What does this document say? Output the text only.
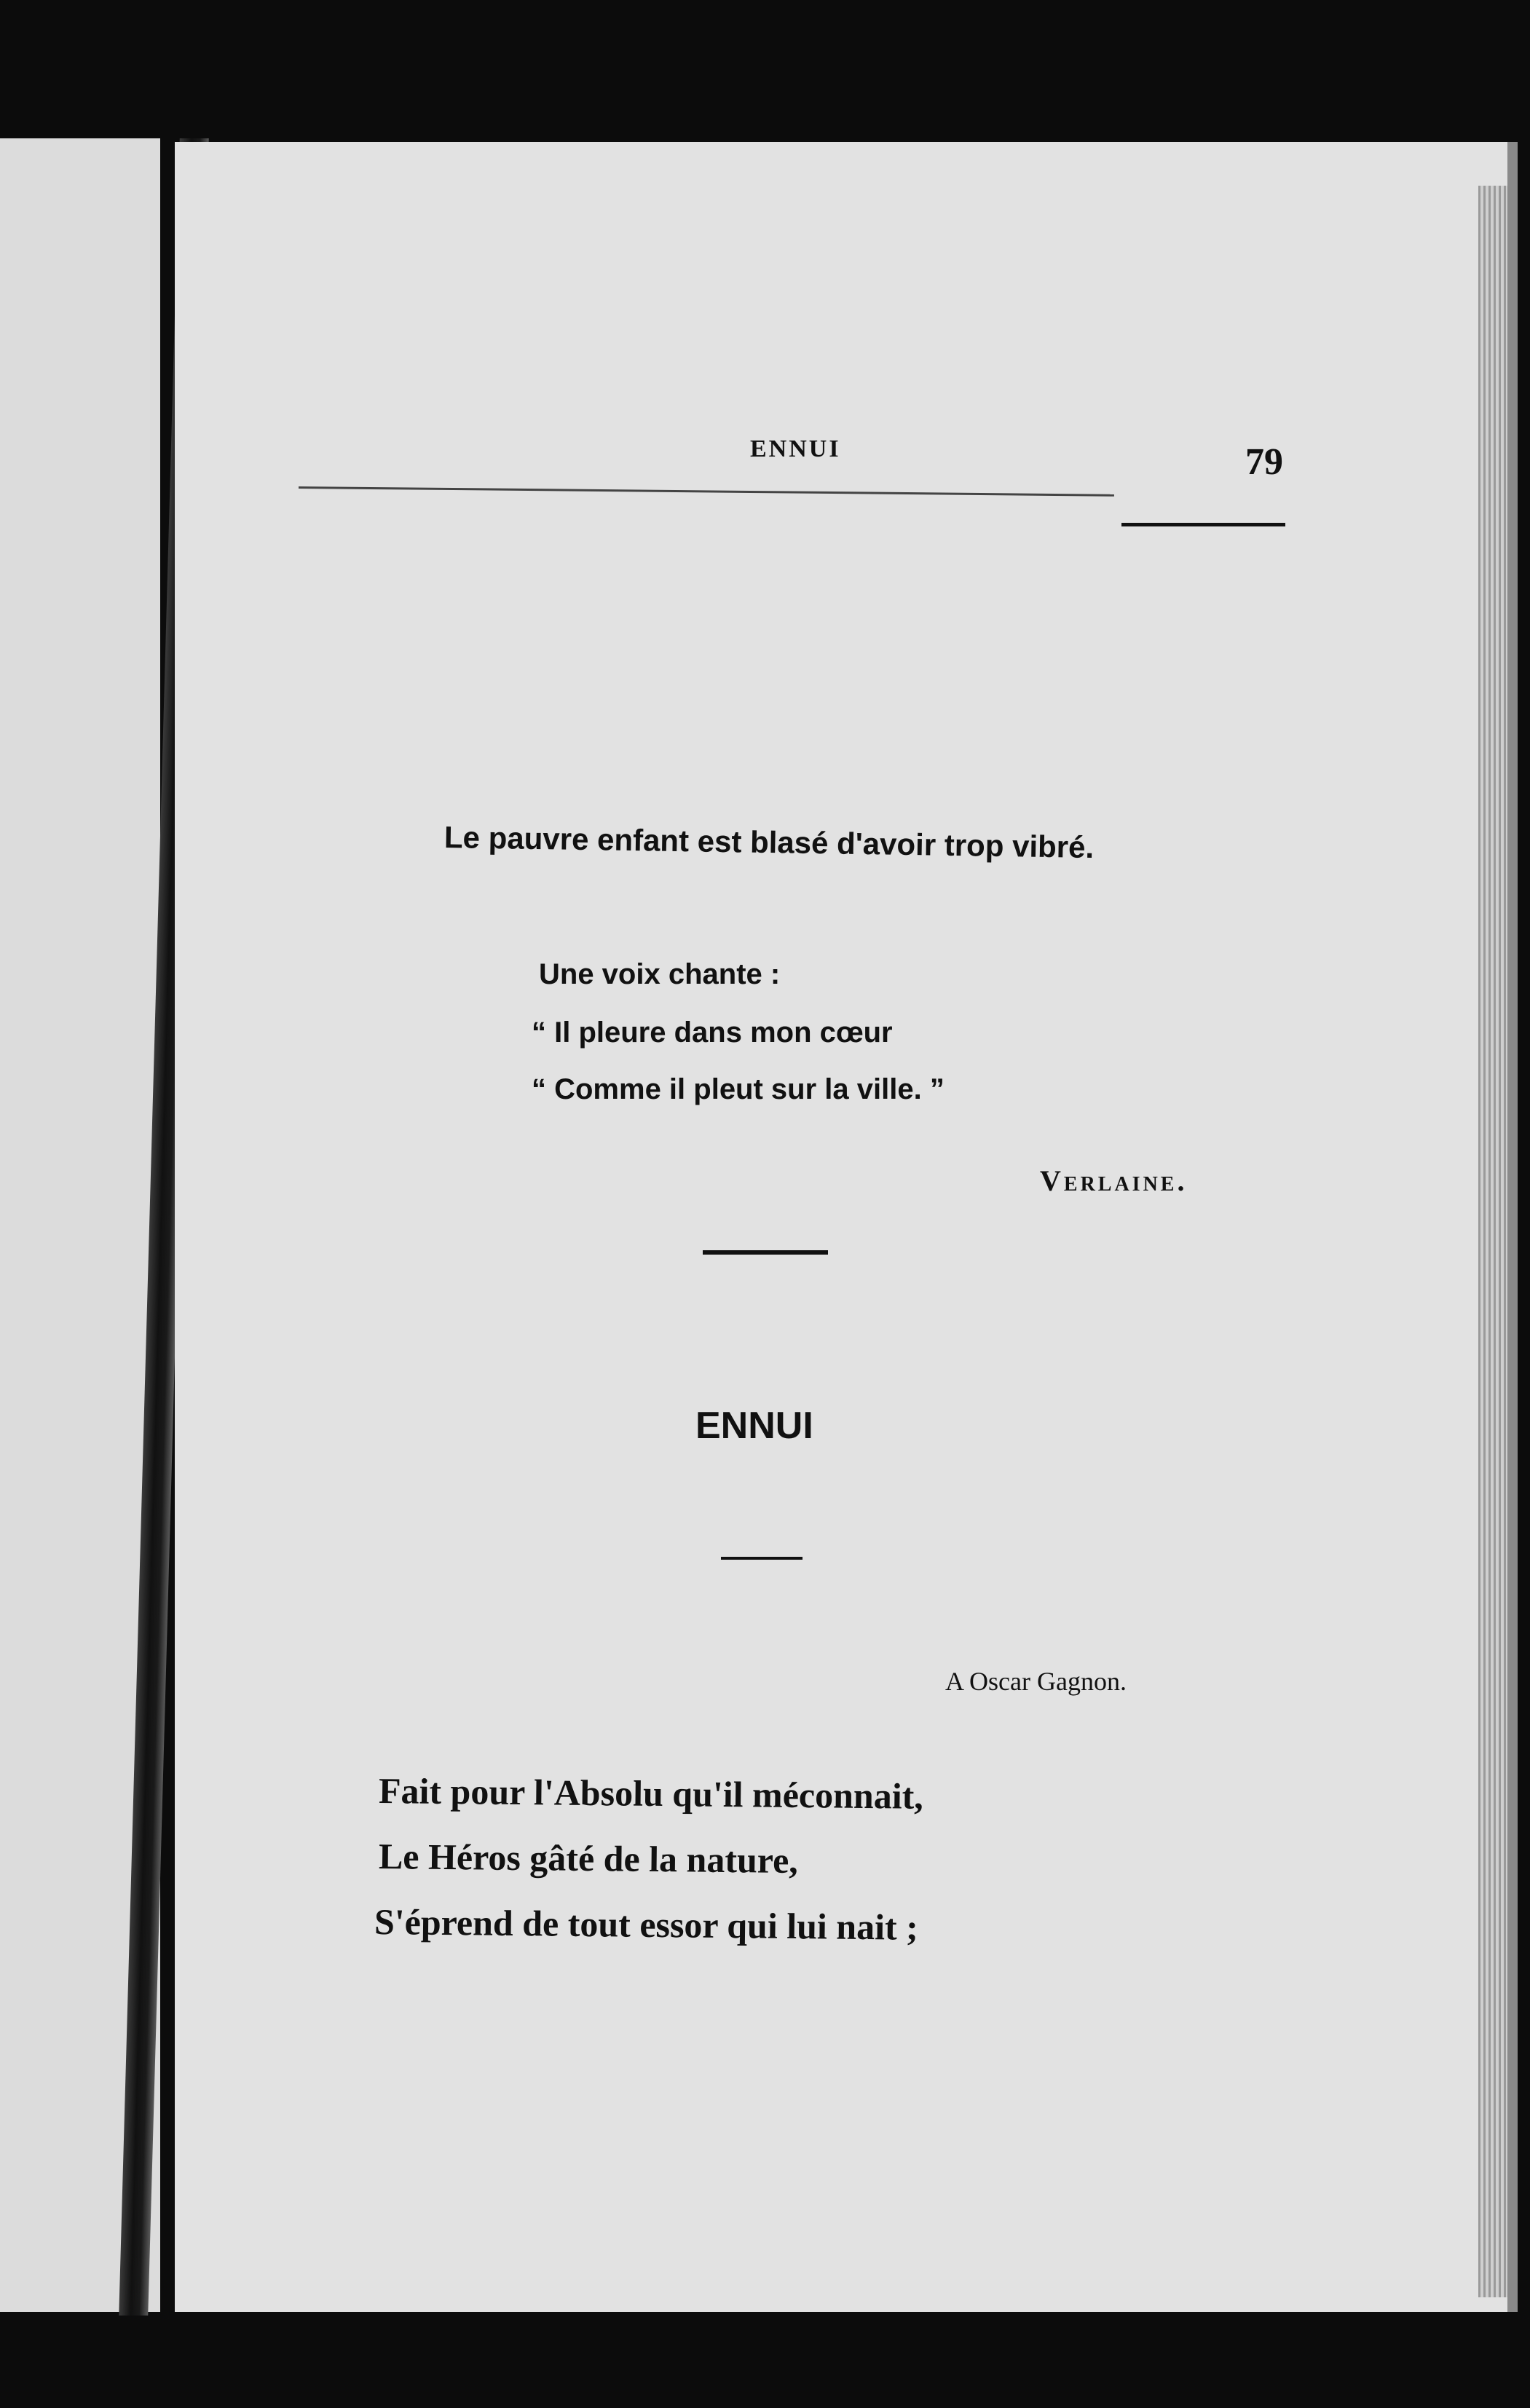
ENNUI	79
Le pauvre enfant est blasé d'avoir trop vibré.
Une voix chante :
“ Il pleure dans mon cœur
“ Comme il pleut sur la ville. ”
Verlaine.
ENNUI
A Oscar Gagnon.
Fait pour l'Absolu qu'il méconnait,
Le Héros gâté de la nature,
S'éprend de tout essor qui lui nait ;
